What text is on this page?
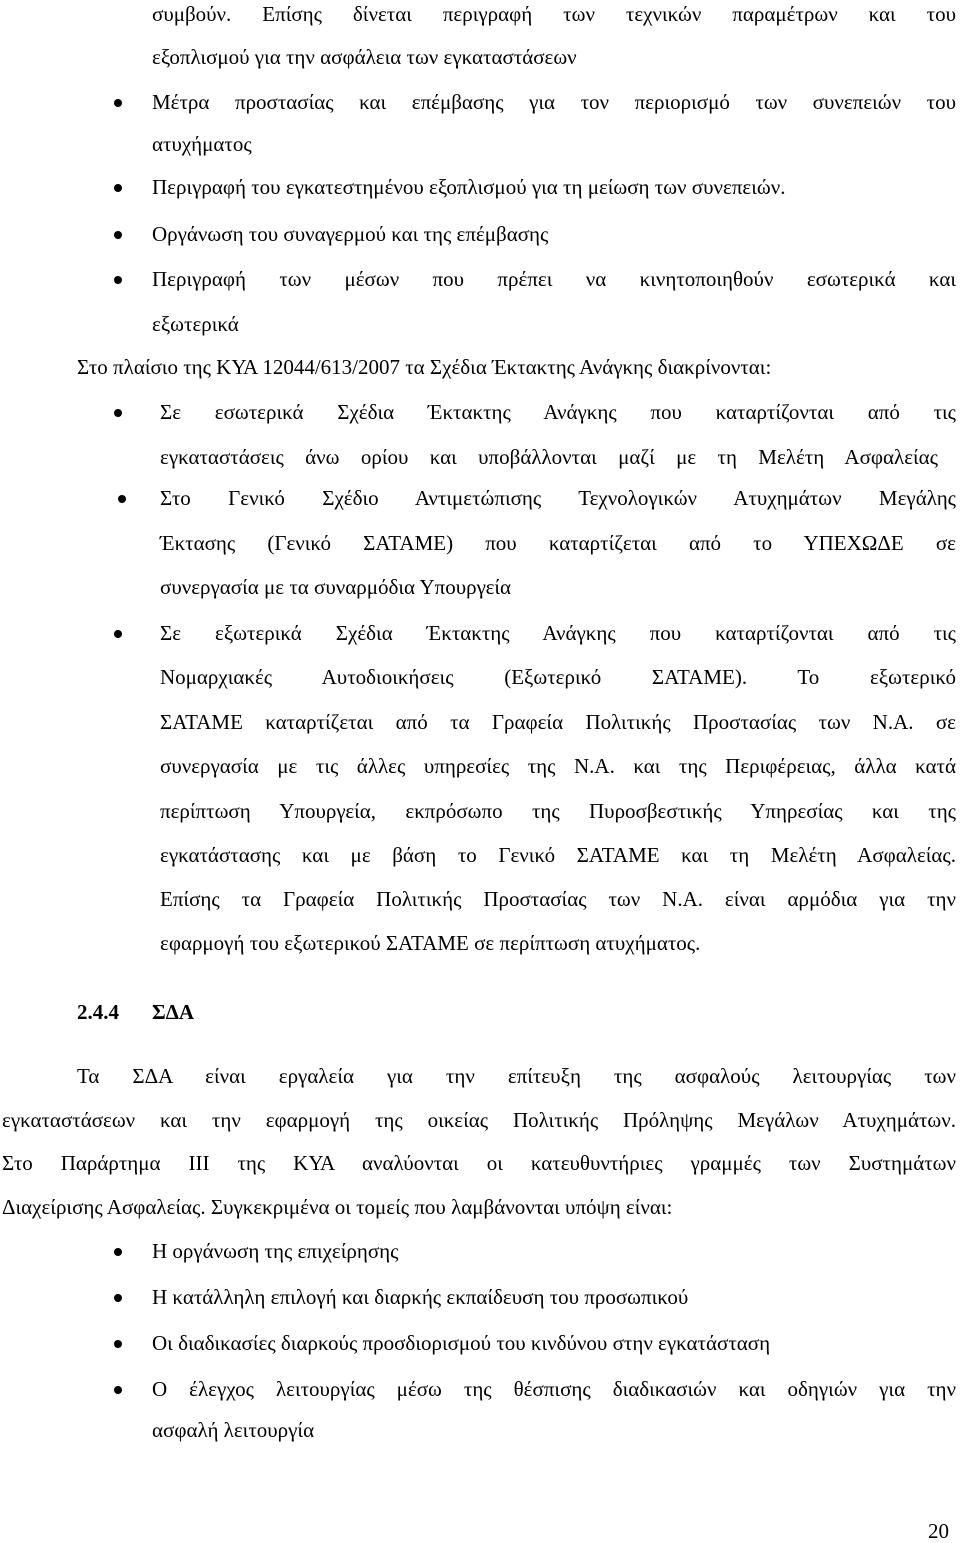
συμβούν. Επίσης δίνεται περιγραφή των τεχνικών παραμέτρων και του
εξοπλισμού για την ασφάλεια των εγκαταστάσεων
Μέτρα προστασίας και επέμβασης για τον περιορισμό των συνεπειών του
ατυχήματος
Περιγραφή του εγκατεστημένου εξοπλισμού για τη μείωση των συνεπειών.
Οργάνωση του συναγερμού και της επέμβασης
Περιγραφή των μέσων που πρέπει να κινητοποιηθούν εσωτερικά και
εξωτερικά
Στο πλαίσιο της ΚΥΑ 12044/613/2007 τα Σχέδια Έκτακτης Ανάγκης διακρίνονται:
Σε εσωτερικά Σχέδια Έκτακτης Ανάγκης που καταρτίζονται από τις
εγκαταστάσεις άνω ορίου και υποβάλλονται μαζί με τη Μελέτη Ασφαλείας
Στο Γενικό Σχέδιο Αντιμετώπισης Τεχνολογικών Ατυχημάτων Μεγάλης
Έκτασης (Γενικό ΣΑΤΑΜΕ) που καταρτίζεται από το ΥΠΕΧΩΔΕ σε
συνεργασία με τα συναρμόδια Υπουργεία
Σε εξωτερικά Σχέδια Έκτακτης Ανάγκης που καταρτίζονται από τις
Νομαρχιακές Αυτοδιοικήσεις (Εξωτερικό ΣΑΤΑΜΕ). Το εξωτερικό
ΣΑΤΑΜΕ καταρτίζεται από τα Γραφεία Πολιτικής Προστασίας των Ν.Α. σε
συνεργασία με τις άλλες υπηρεσίες της Ν.Α. και της Περιφέρειας, άλλα κατά
περίπτωση Υπουργεία, εκπρόσωπο της Πυροσβεστικής Υπηρεσίας και της
εγκατάστασης και με βάση το Γενικό ΣΑΤΑΜΕ και τη Μελέτη Ασφαλείας.
Επίσης τα Γραφεία Πολιτικής Προστασίας των Ν.Α. είναι αρμόδια για την
εφαρμογή του εξωτερικού ΣΑΤΑΜΕ σε περίπτωση ατυχήματος.
2.4.4 ΣΔΑ
Τα ΣΔΑ είναι εργαλεία για την επίτευξη της ασφαλούς λειτουργίας των
εγκαταστάσεων και την εφαρμογή της οικείας Πολιτικής Πρόληψης Μεγάλων Ατυχημάτων.
Στο Παράρτημα ΙΙΙ της ΚΥΑ αναλύονται οι κατευθυντήριες γραμμές των Συστημάτων
Διαχείρισης Ασφαλείας. Συγκεκριμένα οι τομείς που λαμβάνονται υπόψη είναι:
Η οργάνωση της επιχείρησης
Η κατάλληλη επιλογή και διαρκής εκπαίδευση του προσωπικού
Οι διαδικασίες διαρκούς προσδιορισμού του κινδύνου στην εγκατάσταση
Ο έλεγχος λειτουργίας μέσω της θέσπισης διαδικασιών και οδηγιών για την
ασφαλή λειτουργία
20
